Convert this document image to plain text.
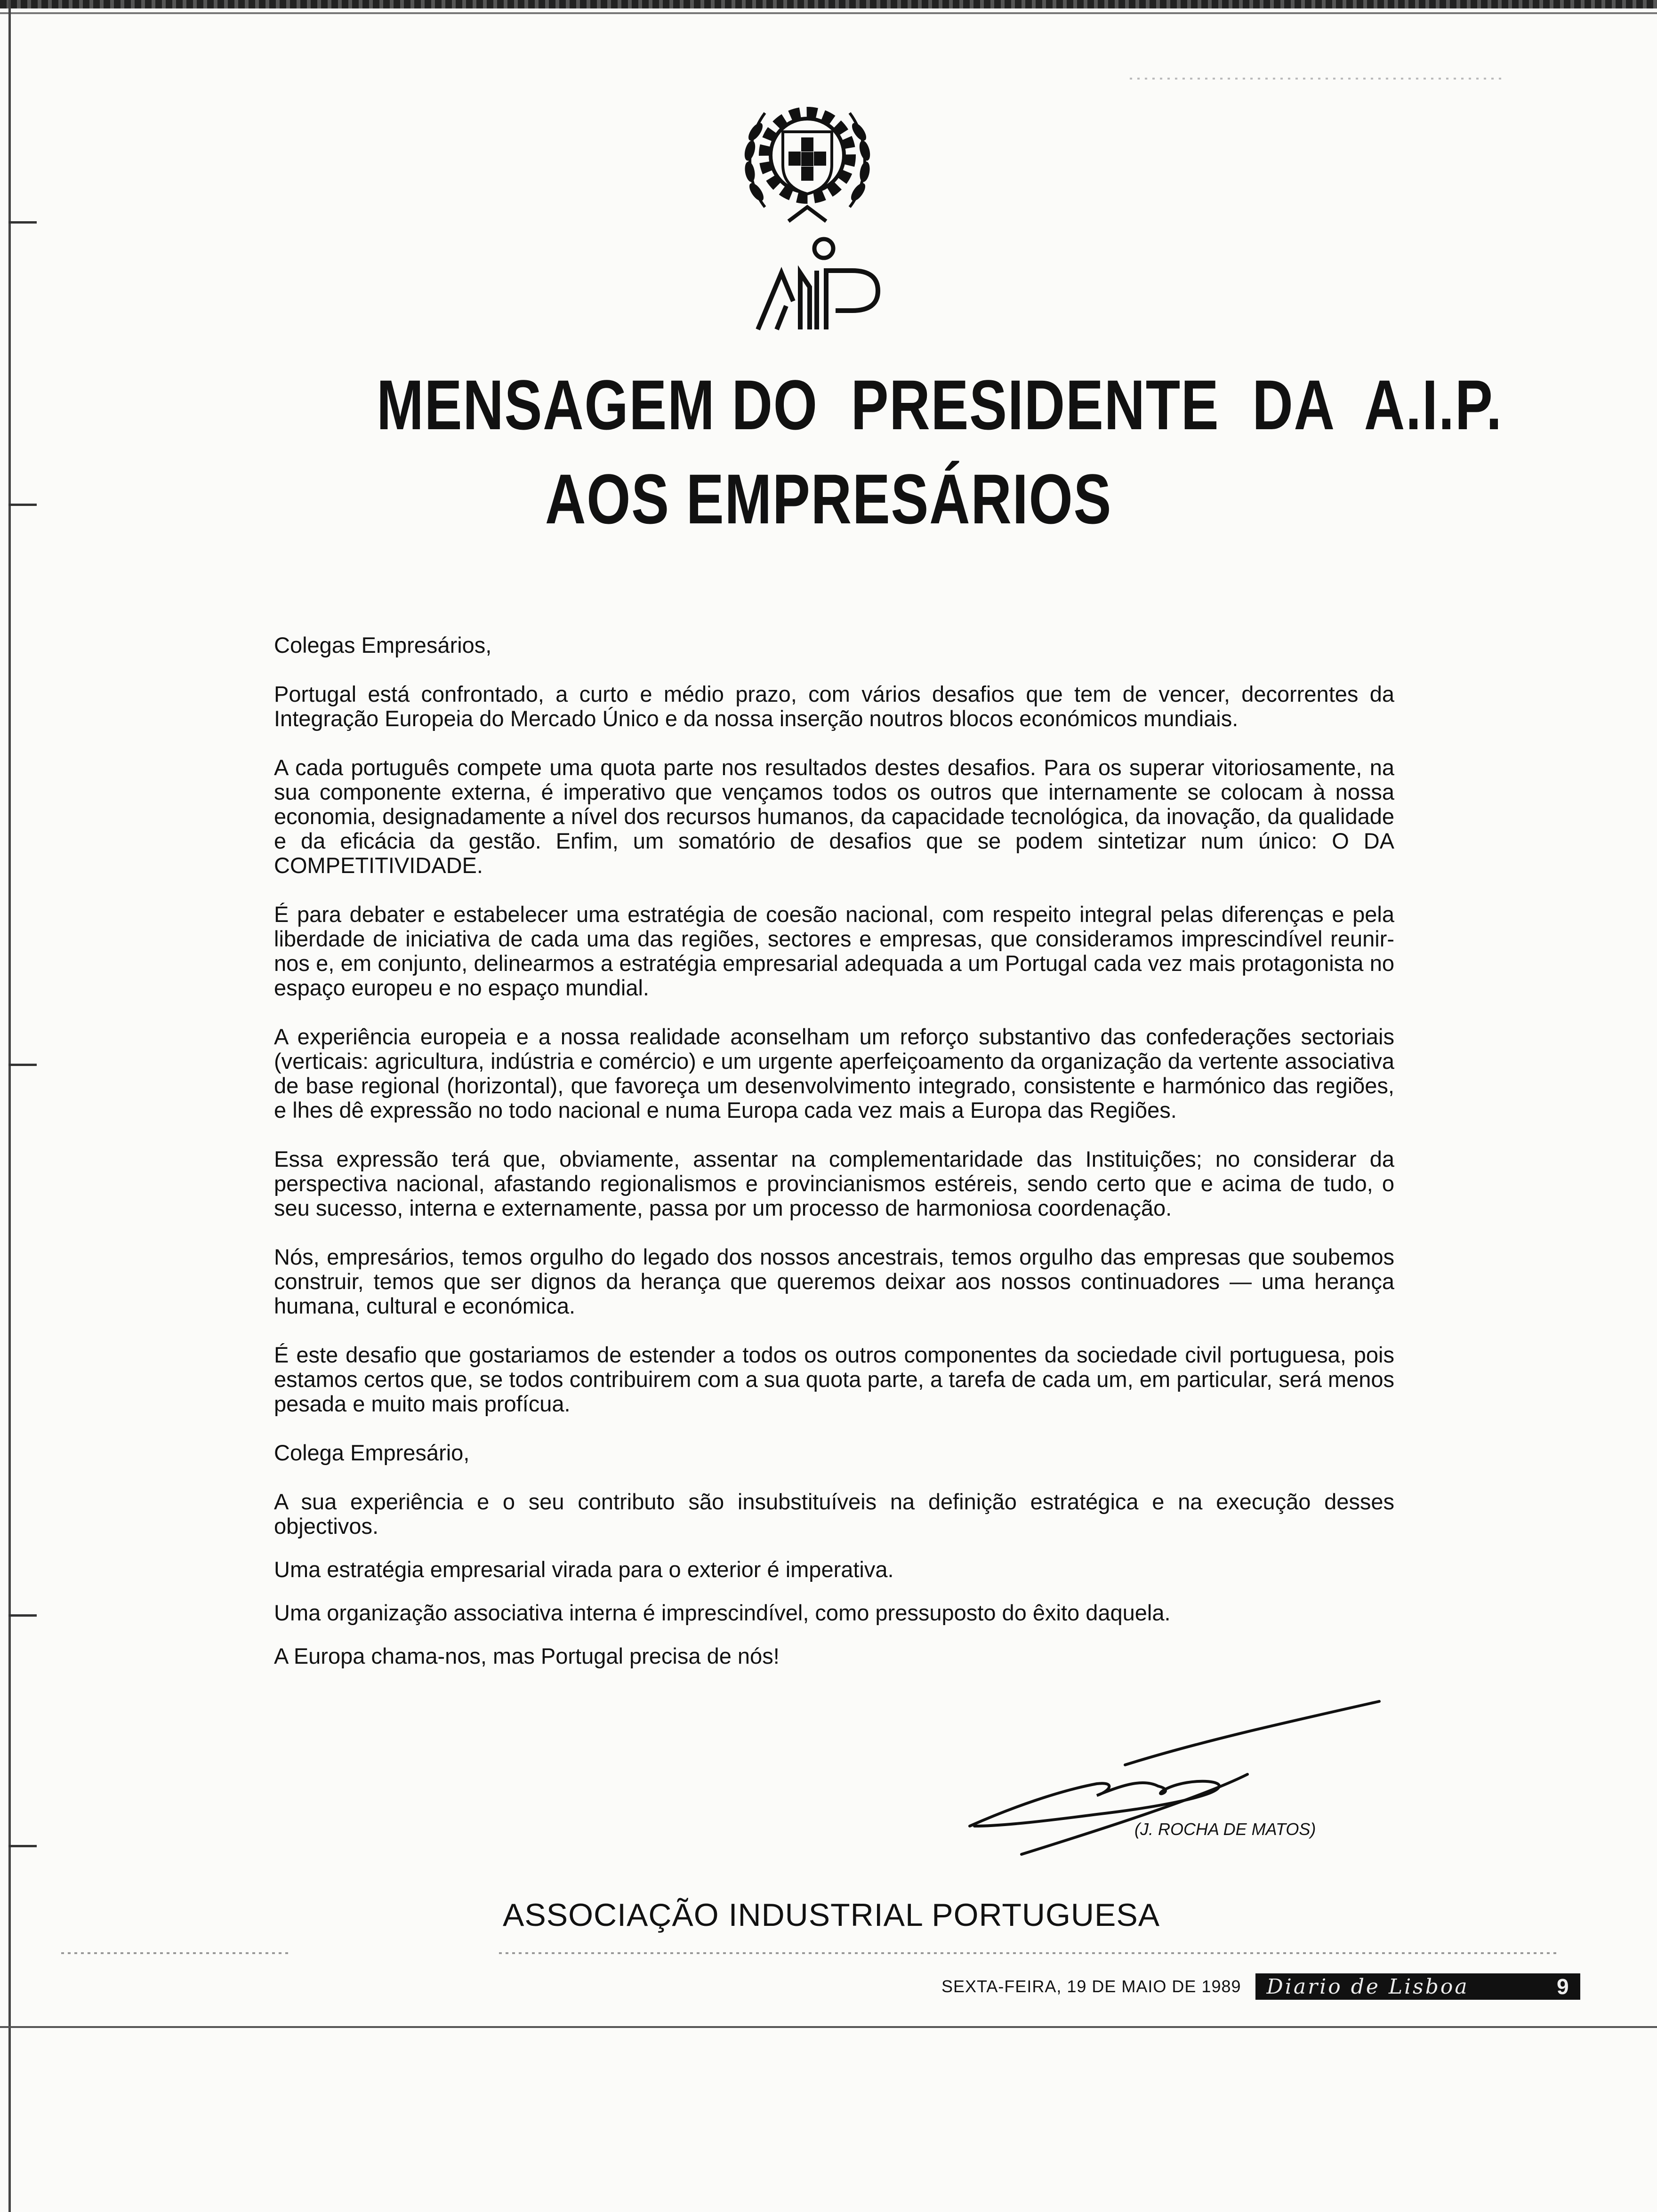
MENSAGEM DO  PRESIDENTE  DA  A.I.P.
AOS EMPRESÁRIOS

Colegas Empresários,

Portugal está confrontado, a curto e médio prazo, com vários desafios que tem de vencer, decorrentes da Integração Europeia do Mercado Único e da nossa inserção noutros blocos económicos mundiais.

A cada português compete uma quota parte nos resultados destes desafios. Para os superar vitoriosamente, na sua componente externa, é imperativo que vençamos todos os outros que internamente se colocam à nossa economia, designadamente a nível dos recursos humanos, da capacidade tecnológica, da inovação, da qualidade e da eficácia da gestão. Enfim, um somatório de desafios que se podem sintetizar num único: O DA COMPETITIVIDADE.

É para debater e estabelecer uma estratégia de coesão nacional, com respeito integral pelas diferenças e pela liberdade de iniciativa de cada uma das regiões, sectores e empresas, que consideramos imprescindível reunir-nos e, em conjunto, delinearmos a estratégia empresarial adequada a um Portugal cada vez mais protagonista no espaço europeu e no espaço mundial.

A experiência europeia e a nossa realidade aconselham um reforço substantivo das confederações sectoriais (verticais: agricultura, indústria e comércio) e um urgente aperfeiçoamento da organização da vertente associativa de base regional (horizontal), que favoreça um desenvolvimento integrado, consistente e harmónico das regiões, e lhes dê expressão no todo nacional e numa Europa cada vez mais a Europa das Regiões.

Essa expressão terá que, obviamente, assentar na complementaridade das Instituições; no considerar da perspectiva nacional, afastando regionalismos e provincianismos estéreis, sendo certo que e acima de tudo, o seu sucesso, interna e externamente, passa por um processo de harmoniosa coordenação.

Nós, empresários, temos orgulho do legado dos nossos ancestrais, temos orgulho das empresas que soubemos construir, temos que ser dignos da herança que queremos deixar aos nossos continuadores — uma herança humana, cultural e económica.

É este desafio que gostariamos de estender a todos os outros componentes da sociedade civil portuguesa, pois estamos certos que, se todos contribuirem com a sua quota parte, a tarefa de cada um, em particular, será menos pesada e muito mais profícua.

Colega Empresário,

A sua experiência e o seu contributo são insubstituíveis na definição estratégica e na execução desses objectivos.

Uma estratégia empresarial virada para o exterior é imperativa.

Uma organização associativa interna é imprescindível, como pressuposto do êxito daquela.

A Europa chama-nos, mas Portugal precisa de nós!

(J. ROCHA DE MATOS)
ASSOCIAÇÃO INDUSTRIAL PORTUGUESA
SEXTA-FEIRA, 19 DE MAIO DE 1989 Diario de Lisboa	9
